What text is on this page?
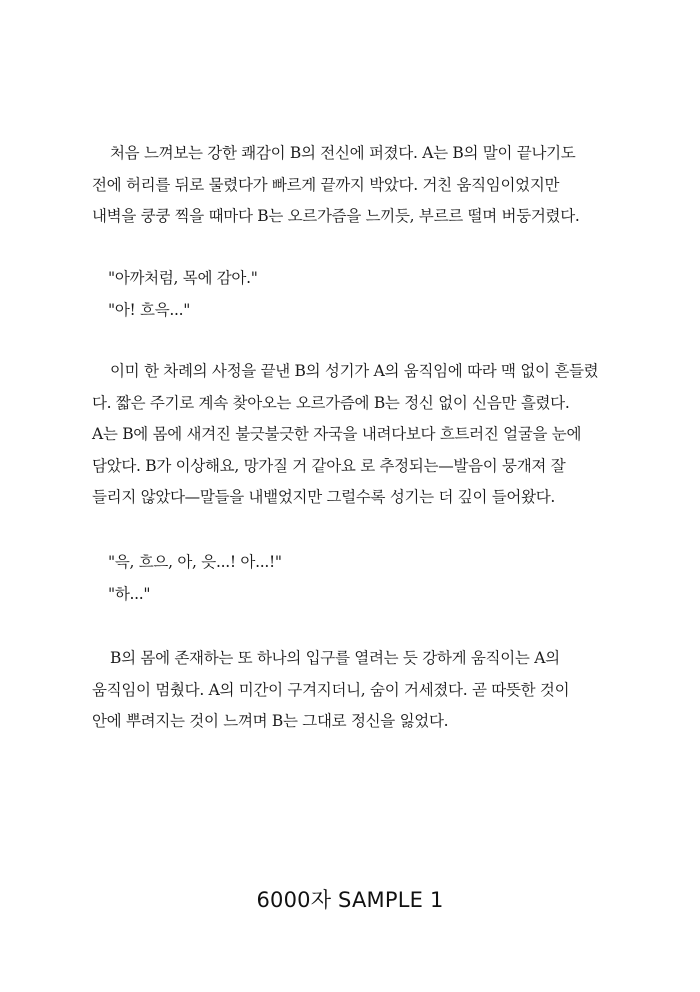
처음 느껴보는 강한 쾌감이 B의 전신에 퍼졌다. A는 B의 말이 끝나기도

전에 허리를 뒤로 물렸다가 빠르게 끝까지 박았다. 거친 움직임이었지만

내벽을 쿵쿵 찍을 때마다 B는 오르가즘을 느끼듯, 부르르 떨며 버둥거렸다.

"아까처럼, 목에 감아."

"아! 흐윽..."

이미 한 차례의 사정을 끝낸 B의 성기가 A의 움직임에 따라 맥 없이 흔들렸

다. 짧은 주기로 계속 찾아오는 오르가즘에 B는 정신 없이 신음만 흘렸다.

A는 B에 몸에 새겨진 불긋불긋한 자국을 내려다보다 흐트러진 얼굴을 눈에

담았다. B가 이상해요, 망가질 거 같아요 로 추정되는—발음이 뭉개져 잘

들리지 않았다—말들을 내뱉었지만 그럴수록 성기는 더 깊이 들어왔다.

"윽, 흐으, 아, 읏...! 아...!"

"하..."

B의 몸에 존재하는 또 하나의 입구를 열려는 듯 강하게 움직이는 A의

움직임이 멈췄다. A의 미간이 구겨지더니, 숨이 거세졌다. 곧 따뜻한 것이

안에 뿌려지는 것이 느껴며 B는 그대로 정신을 잃었다.

6000자 SAMPLE 1
